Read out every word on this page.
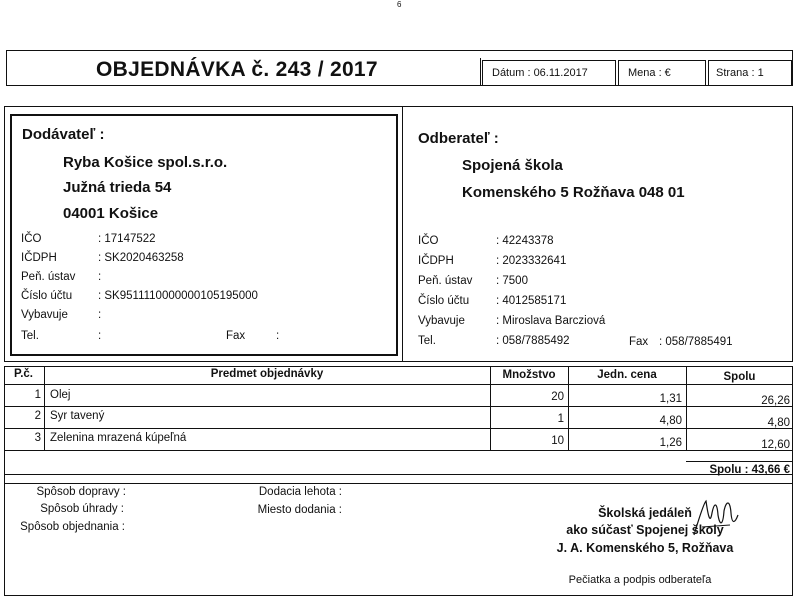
6
OBJEDNÁVKA č. 243 / 2017	Dátum : 06.11.2017	Mena : €	Strana : 1
Dodávateľ :
Ryba Košice spol.s.r.o.
Južná trieda 54
04001 Košice
IČO	: 17147522
IČDPH	: SK2020463258
Peň. ústav :
Číslo účtu : SK9511110000000105195000
Vybavuje	:
Tel.	:	Fax	:
Odberateľ :
Spojená škola
Komenského 5 Rožňava 048 01
IČO	: 42243378
IČDPH	: 2023332641
Peň. ústav : 7500
Číslo účtu : 4012585171
Vybavuje	: Miroslava Barcziová
Tel.	: 058/7885492	Fax : 058/7885491
P.č.	Predmet objednávky	Množstvo	Jedn. cena	Spolu
1 Olej	20	1,31	26,26
2 Syr tavený	1	4,80	4,80
3 Zelenina mrazená kúpeľná	10	1,26	12,60
Spolu : 43,66 €
Spôsob dopravy :
Spôsob úhrady :
Spôsob objednania :
Dodacia lehota :
Miesto dodania :	Školská jedáleň
ako súčasť Spojenej školy
J. A. Komenského 5, Rožňava
Pečiatka a podpis odberateľa
